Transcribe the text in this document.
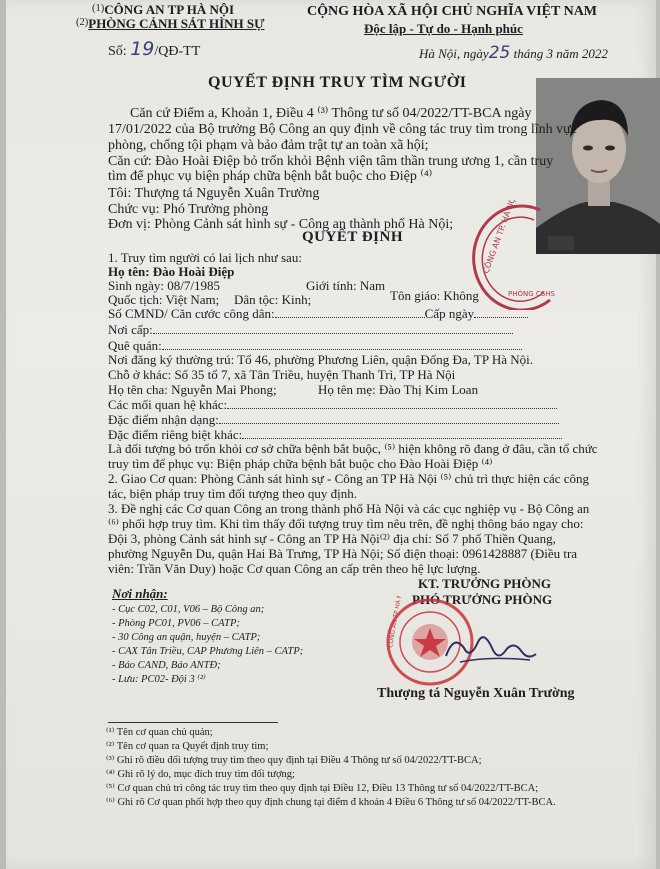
$^{(1)}$CÔNG AN TP HÀ NỘI
$^{(2)}$PHÒNG CẢNH SÁT HÌNH SỰ
Số: 19/QĐ-TT
CỘNG HÒA XÃ HỘI CHỦ NGHĨA VIỆT NAM
Độc lập - Tự do - Hạnh phúc
Hà Nội, ngày25 tháng 3 năm 2022
QUYẾT ĐỊNH TRUY TÌM NGƯỜI
CÔNG AN TP. HÀ NỘI
PHÒNG CSHS
Căn cứ Điểm a, Khoản 1, Điều 4 ⁽³⁾ Thông tư số 04/2022/TT-BCA ngày
17/01/2022 của Bộ trưởng Bộ Công an quy định về công tác truy tìm trong lĩnh vực
phòng, chống tội phạm và bảo đảm trật tự an toàn xã hội;
Căn cứ: Đào Hoài Điệp bỏ trốn khỏi Bệnh viện tâm thần trung ương 1, cần truy
tìm để phục vụ biện pháp chữa bệnh bắt buộc cho Điệp ⁽⁴⁾
Tôi: Thượng tá Nguyễn Xuân Trường
Chức vụ: Phó Trưởng phòng
Đơn vị: Phòng Cảnh sát hình sự - Công an thành phố Hà Nội;
QUYẾT ĐỊNH
1. Truy tìm người có lai lịch như sau:
Họ tên: Đào Hoài Điệp
Sinh ngày: 08/7/1985	Giới tính: Nam
Quốc tịch: Việt Nam; Dân tộc: Kinh;	Tôn giáo: Không
Số CMND/ Căn cước công dân:	Cấp ngày
Nơi cấp:
Quê quán:
Nơi đăng ký thường trú: Tổ 46, phường Phương Liên, quận Đống Đa, TP Hà Nội.
Chỗ ở khác: Số 35 tổ 7, xã Tân Triều, huyện Thanh Trì, TP Hà Nội
Họ tên cha: Nguyễn Mai Phong;	Họ tên mẹ: Đào Thị Kim Loan
Các mối quan hệ khác:
Đặc điểm nhận dạng:
Đặc điểm riêng biệt khác:
Là đối tượng bỏ trốn khỏi cơ sở chữa bệnh bắt buộc, ⁽⁵⁾ hiện không rõ đang ở đâu, cần tổ chức
truy tìm để phục vụ: Biện pháp chữa bệnh bắt buộc cho Đào Hoài Điệp ⁽⁴⁾
2. Giao Cơ quan: Phòng Cảnh sát hình sự - Công an TP Hà Nội ⁽⁵⁾ chủ trì thực hiện các công
tác, biện pháp truy tìm đối tượng theo quy định.
3. Đề nghị các Cơ quan Công an trong thành phố Hà Nội và các cục nghiệp vụ - Bộ Công an
⁽⁶⁾ phối hợp truy tìm. Khi tìm thấy đối tượng truy tìm nêu trên, đề nghị thông báo ngay cho:
Đội 3, phòng Cảnh sát hình sự - Công an TP Hà Nội⁽²⁾ địa chỉ: Số 7 phố Thiền Quang,
phường Nguyễn Du, quận Hai Bà Trưng, TP Hà Nội; Số điện thoại: 0961428887 (Điều tra
viên: Trần Văn Duy) hoặc Cơ quan Công an cấp trên theo hệ lực lượng.
Nơi nhận:
- Cục C02, C01, V06 – Bộ Công an;
- Phòng PC01, PV06 – CATP;
- 30 Công an quận, huyện – CATP;
- CAX Tân Triều, CAP Phương Liên – CATP;
- Báo CAND, Báo ANTĐ;
- Lưu: PC02- Đội 3 ⁽²⁾
KT. TRƯỞNG PHÒNG
PHÓ TRƯỞNG PHÒNG
CÔNG AN TP HÀ NỘI
Thượng tá Nguyễn Xuân Trường
⁽¹⁾ Tên cơ quan chủ quản;
⁽²⁾ Tên cơ quan ra Quyết định truy tìm;
⁽³⁾ Ghi rõ điều đối tượng truy tìm theo quy định tại Điều 4 Thông tư số 04/2022/TT-BCA;
⁽⁴⁾ Ghi rõ lý do, mục đích truy tìm đối tượng;
⁽⁵⁾ Cơ quan chủ trì công tác truy tìm theo quy định tại Điều 12, Điều 13 Thông tư số 04/2022/TT-BCA;
⁽⁶⁾ Ghi rõ Cơ quan phối hợp theo quy định chung tại điểm đ khoản 4 Điều 6 Thông tư số 04/2022/TT-BCA.
